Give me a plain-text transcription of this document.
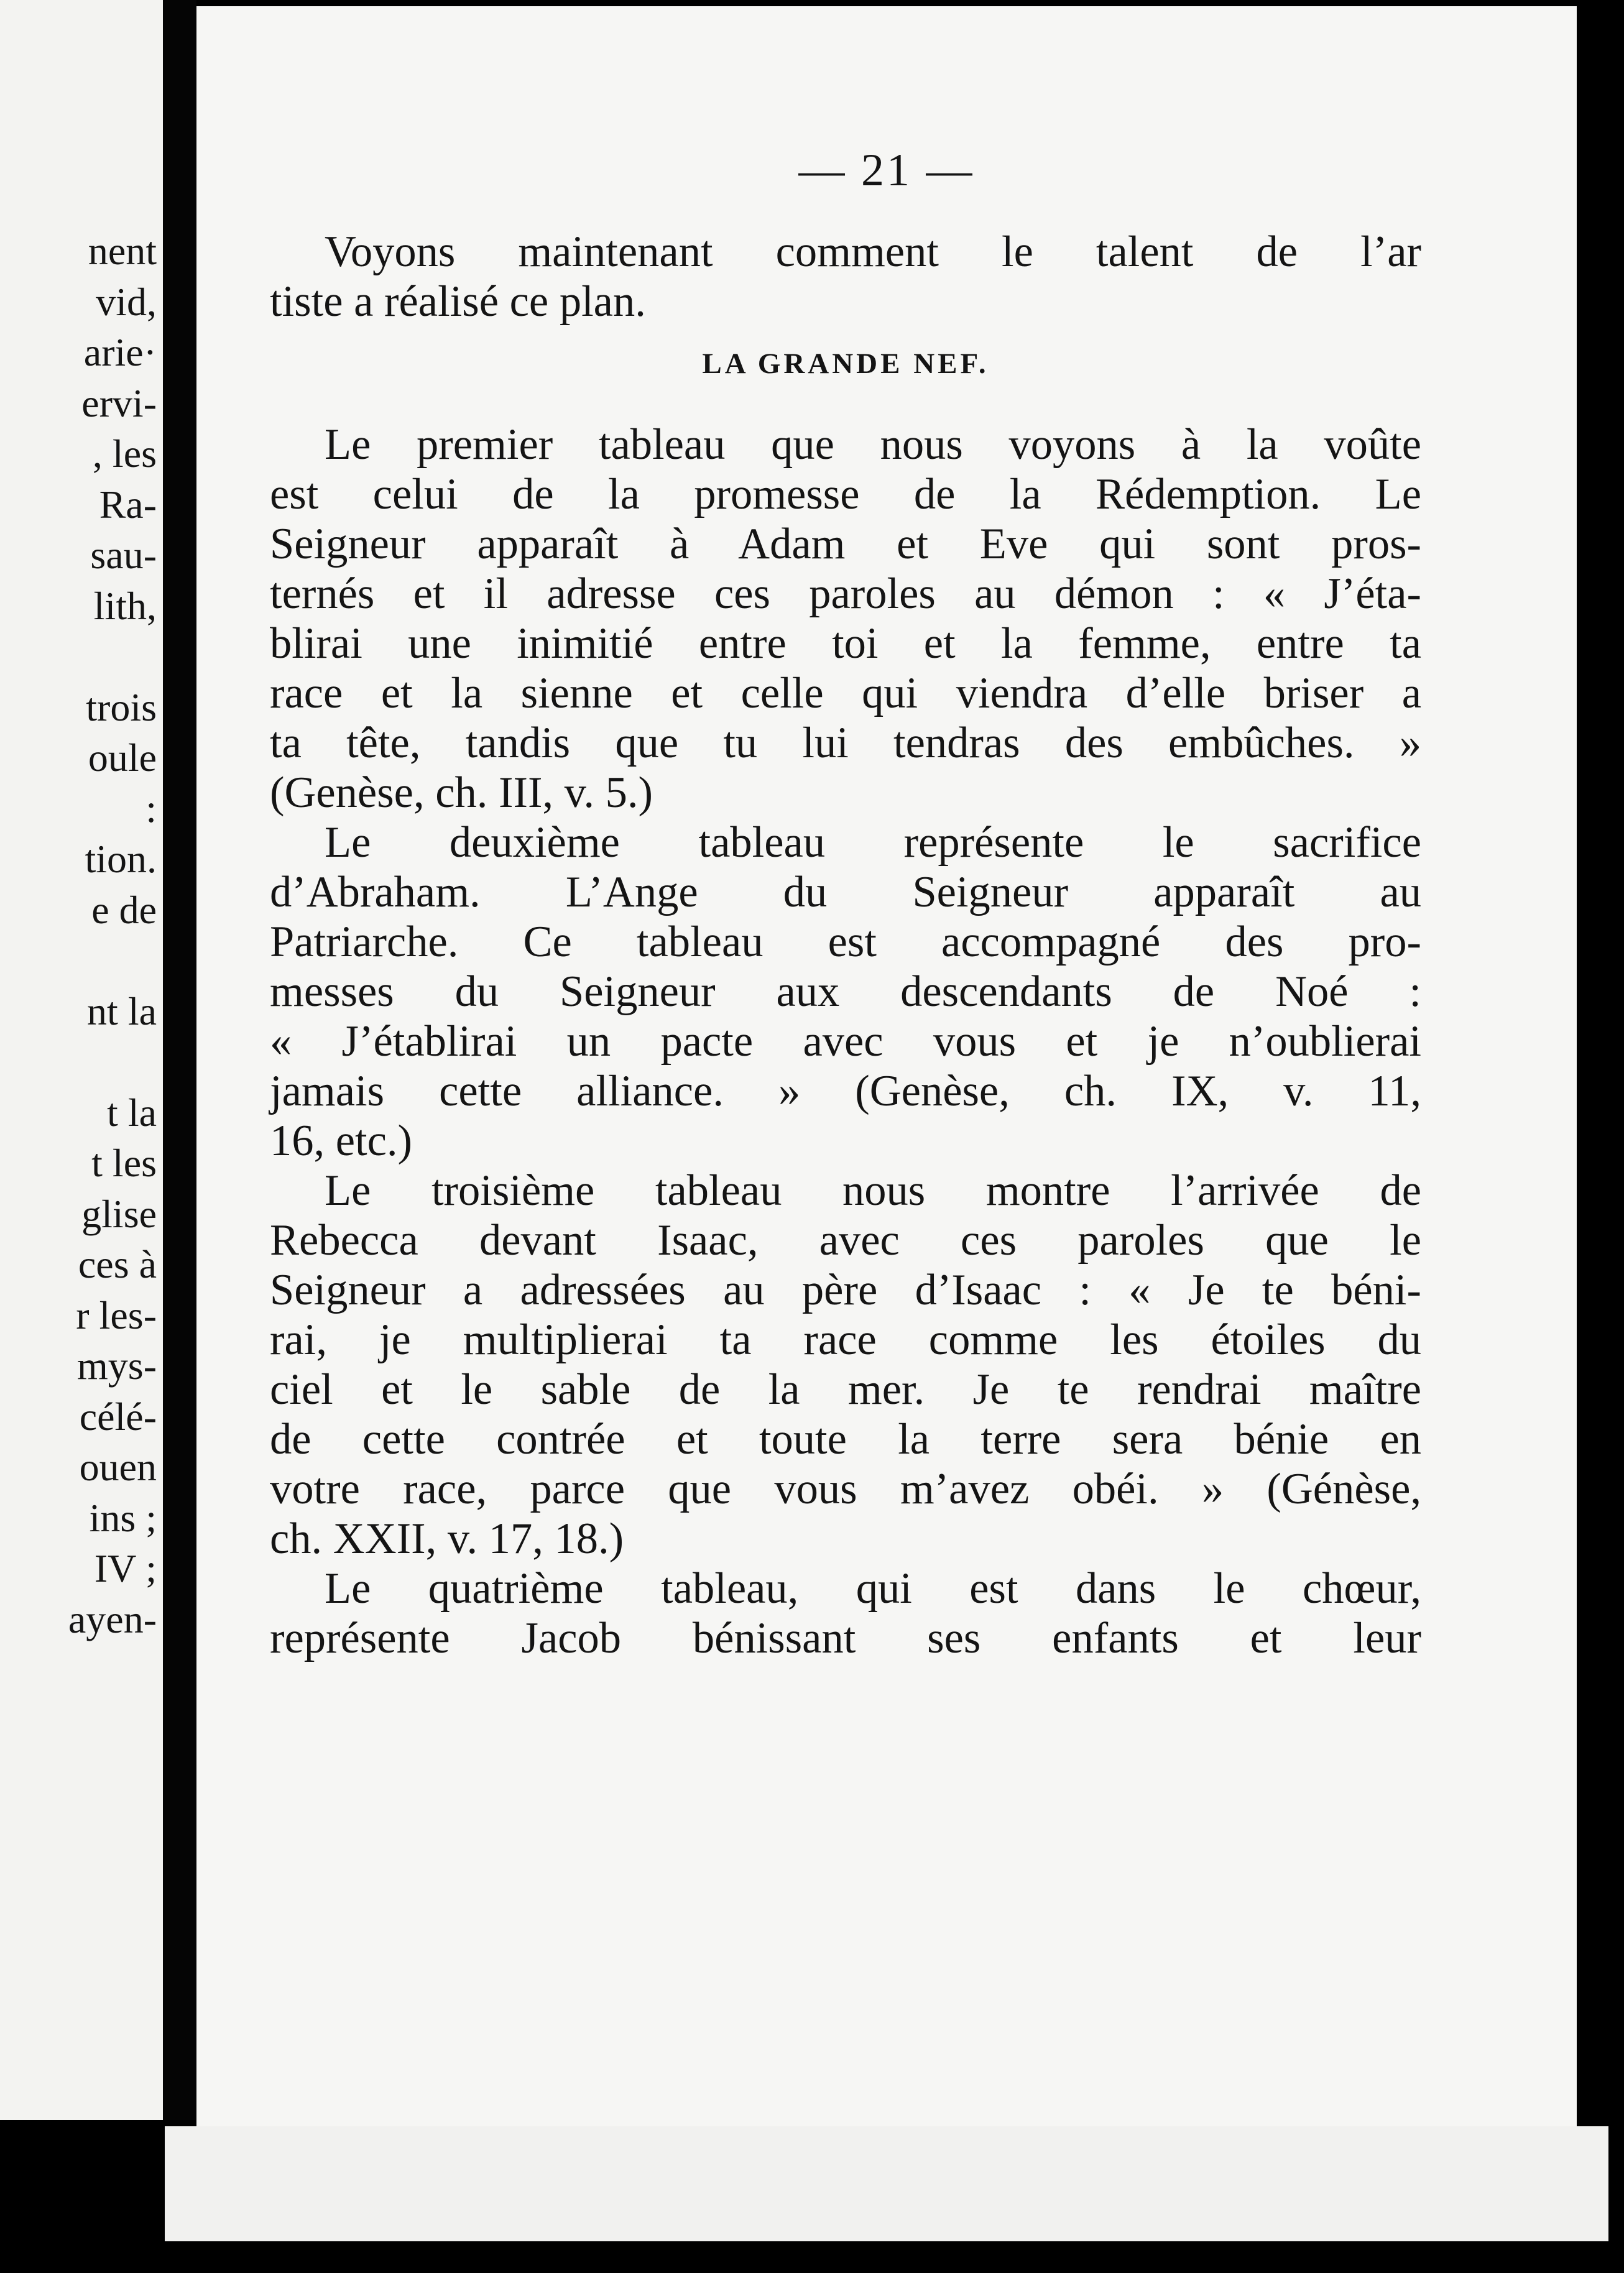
nent
vid,
arie·
ervi-
, les
Ra-
sau-
lith,
trois
oule
:
tion.
e de
nt la
t la
t les
glise
ces à
r les-
mys-
célé-
ouen
ins ;
IV ;
ayen-
— 21 —
Voyons maintenant comment le talent de l’ar
tiste a réalisé ce plan.
LA GRANDE NEF.
Le premier tableau que nous voyons à la voûte
est celui de la promesse de la Rédemption. Le
Seigneur apparaît à Adam et Eve qui sont pros-
ternés et il adresse ces paroles au démon : « J’éta-
blirai une inimitié entre toi et la femme, entre ta
race et la sienne et celle qui viendra d’elle briser a
ta tête, tandis que tu lui tendras des embûches. »
(Genèse, ch. III, v. 5.)
Le deuxième tableau représente le sacrifice
d’Abraham. L’Ange du Seigneur apparaît au
Patriarche. Ce tableau est accompagné des pro-
messes du Seigneur aux descendants de Noé :
« J’établirai un pacte avec vous et je n’oublierai
jamais cette alliance. » (Genèse, ch. IX, v. 11,
16, etc.)
Le troisième tableau nous montre l’arrivée de
Rebecca devant Isaac, avec ces paroles que le
Seigneur a adressées au père d’Isaac : « Je te béni-
rai, je multiplierai ta race comme les étoiles du
ciel et le sable de la mer. Je te rendrai maître
de cette contrée et toute la terre sera bénie en
votre race, parce que vous m’avez obéi. » (Génèse,
ch. XXII, v. 17, 18.)
Le quatrième tableau, qui est dans le chœur,
représente Jacob bénissant ses enfants et leur
